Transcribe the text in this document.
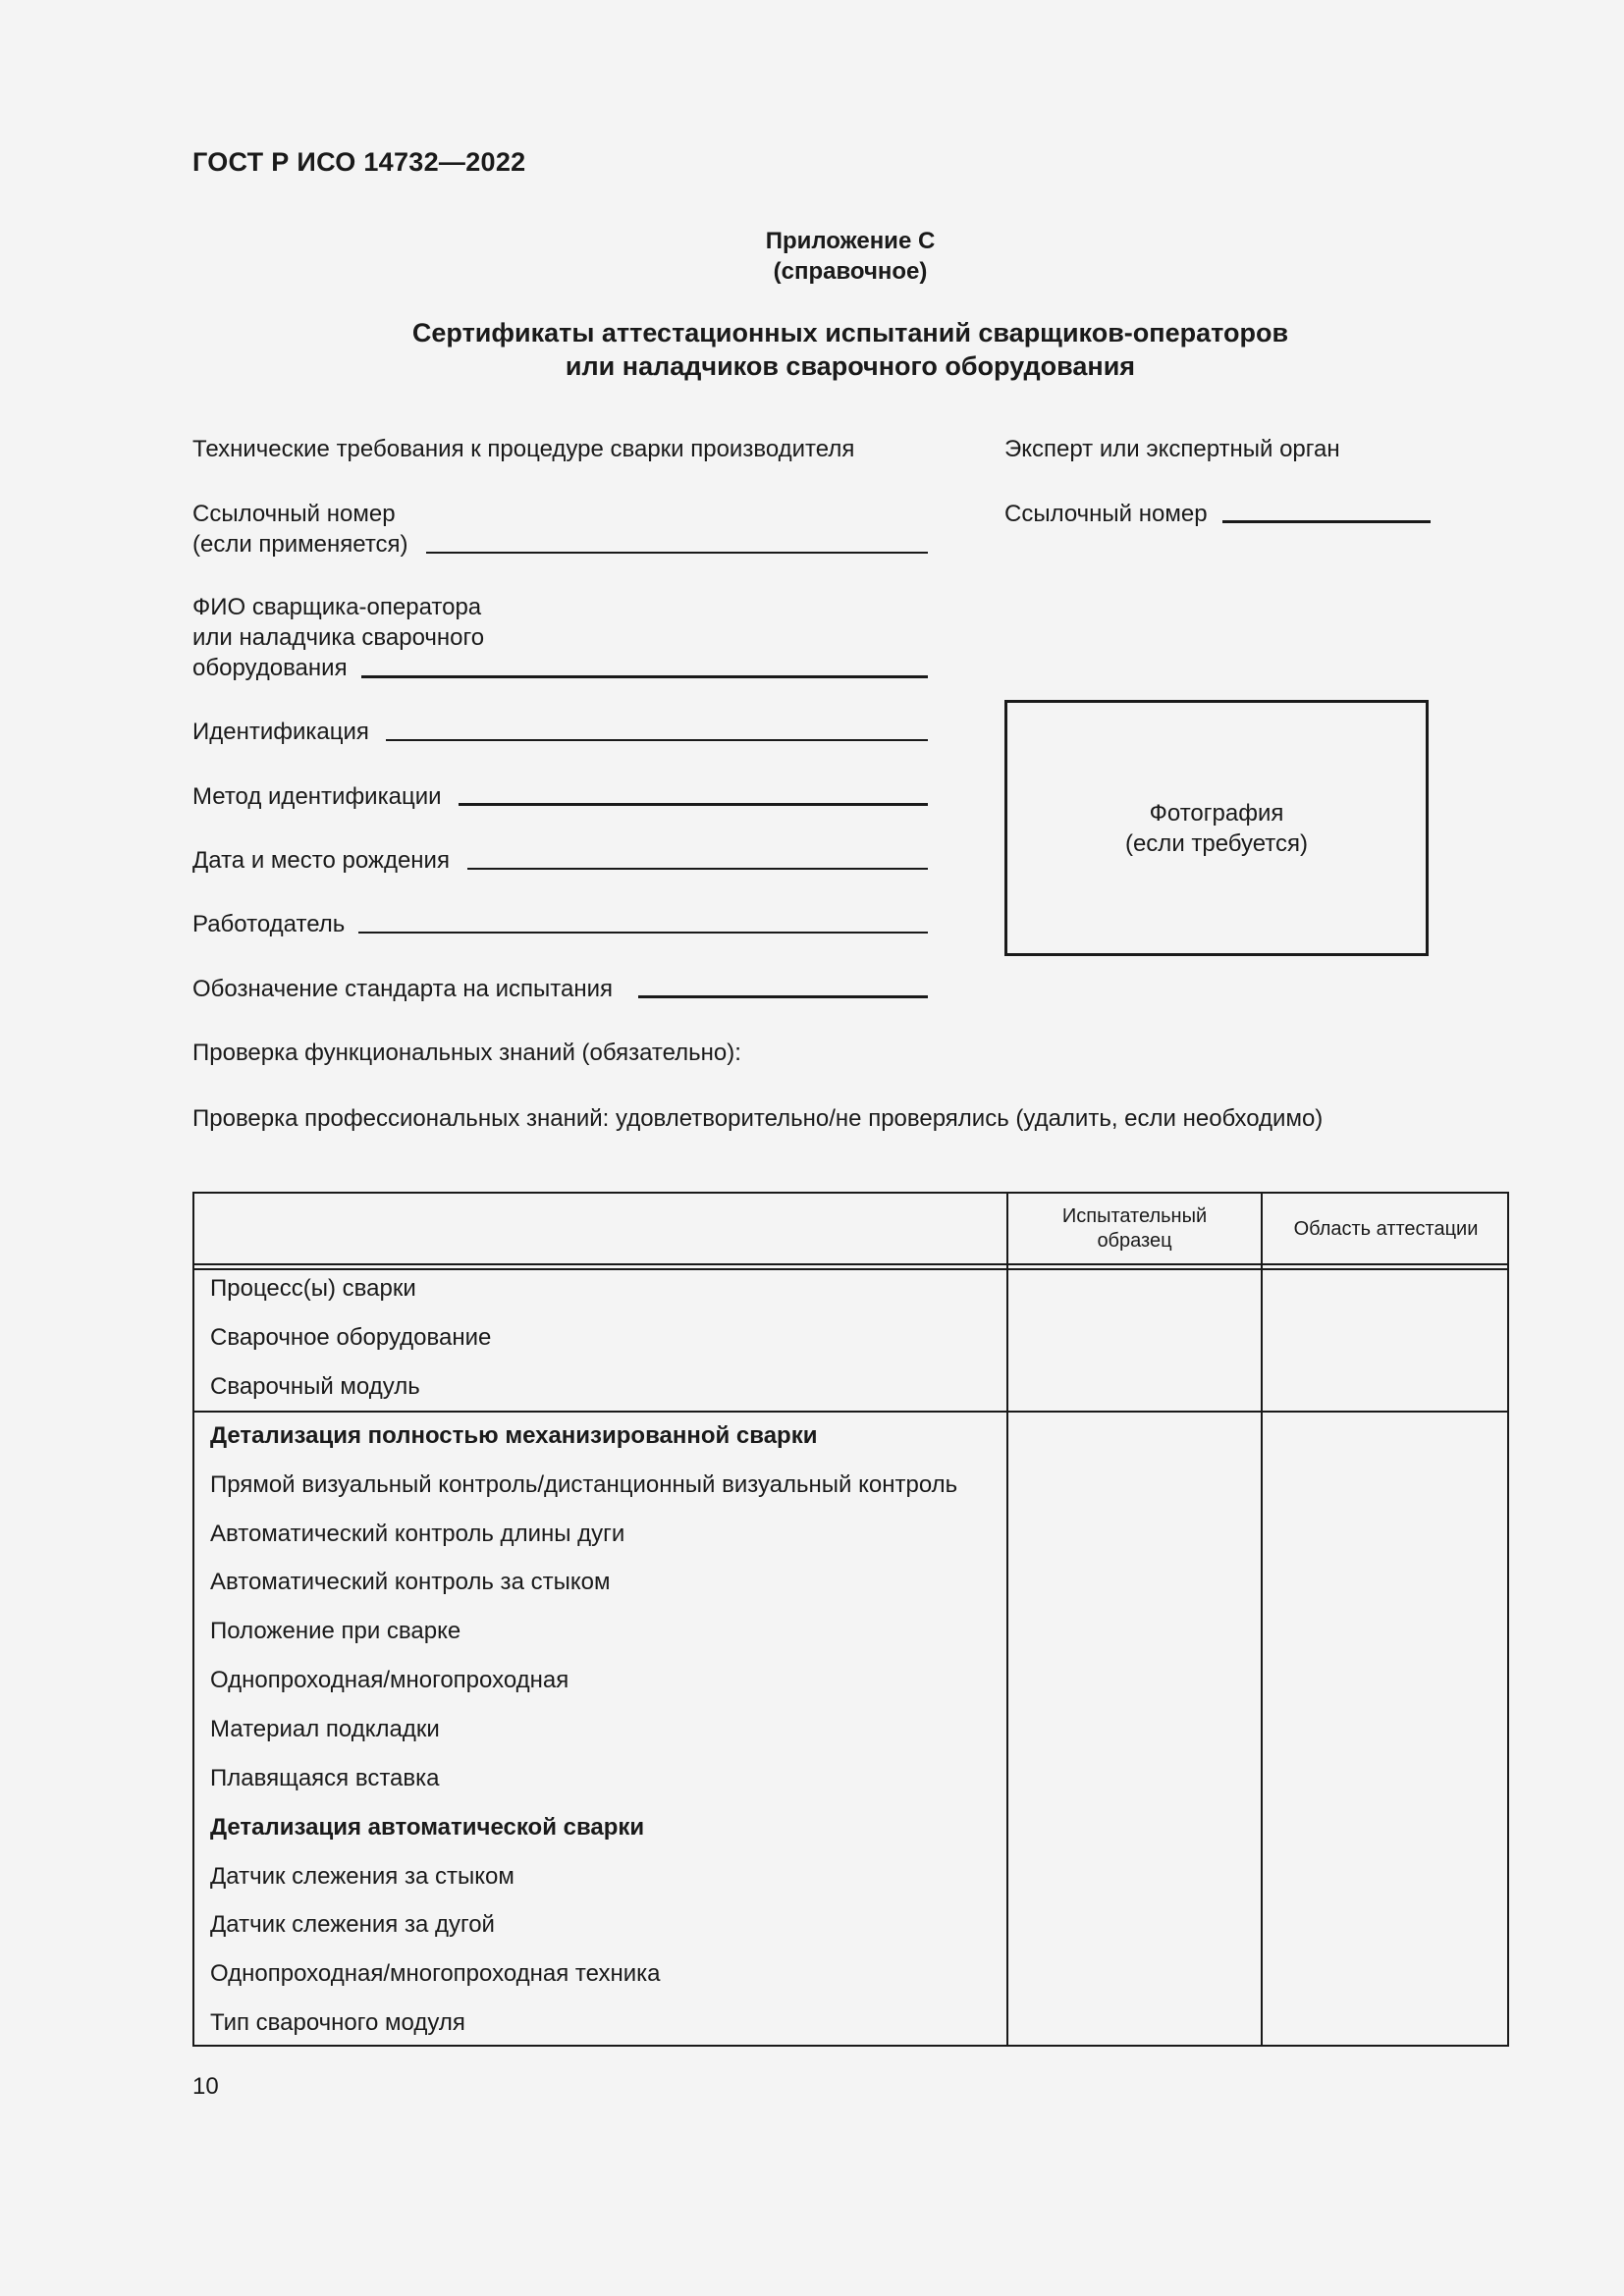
ГОСТ Р ИСО 14732—2022
Приложение С
(справочное)
Сертификаты аттестационных испытаний сварщиков-операторов
или наладчиков сварочного оборудования
Технические требования к процедуре сварки производителя	Эксперт или экспертный орган
Ссылочный номер
(если применяется)
Ссылочный номер
ФИО сварщика-оператора
или наладчика сварочного
оборудования
Идентификация
Метод идентификации
Дата и место рождения
Работодатель
Обозначение стандарта на испытания
Проверка функциональных знаний (обязательно):
Проверка профессиональных знаний: удовлетворительно/не проверялись (удалить, если необходимо)
Фотография
(если требуется)
Испытательный
образец
Область аттестации
Процесс(ы) сварки
Сварочное оборудование
Сварочный модуль
Детализация полностью механизированной сварки
Прямой визуальный контроль/дистанционный визуальный контроль
Автоматический контроль длины дуги
Автоматический контроль за стыком
Положение при сварке
Однопроходная/многопроходная
Материал подкладки
Плавящаяся вставка
Детализация автоматической сварки
Датчик слежения за стыком
Датчик слежения за дугой
Однопроходная/многопроходная техника
Тип сварочного модуля
10
